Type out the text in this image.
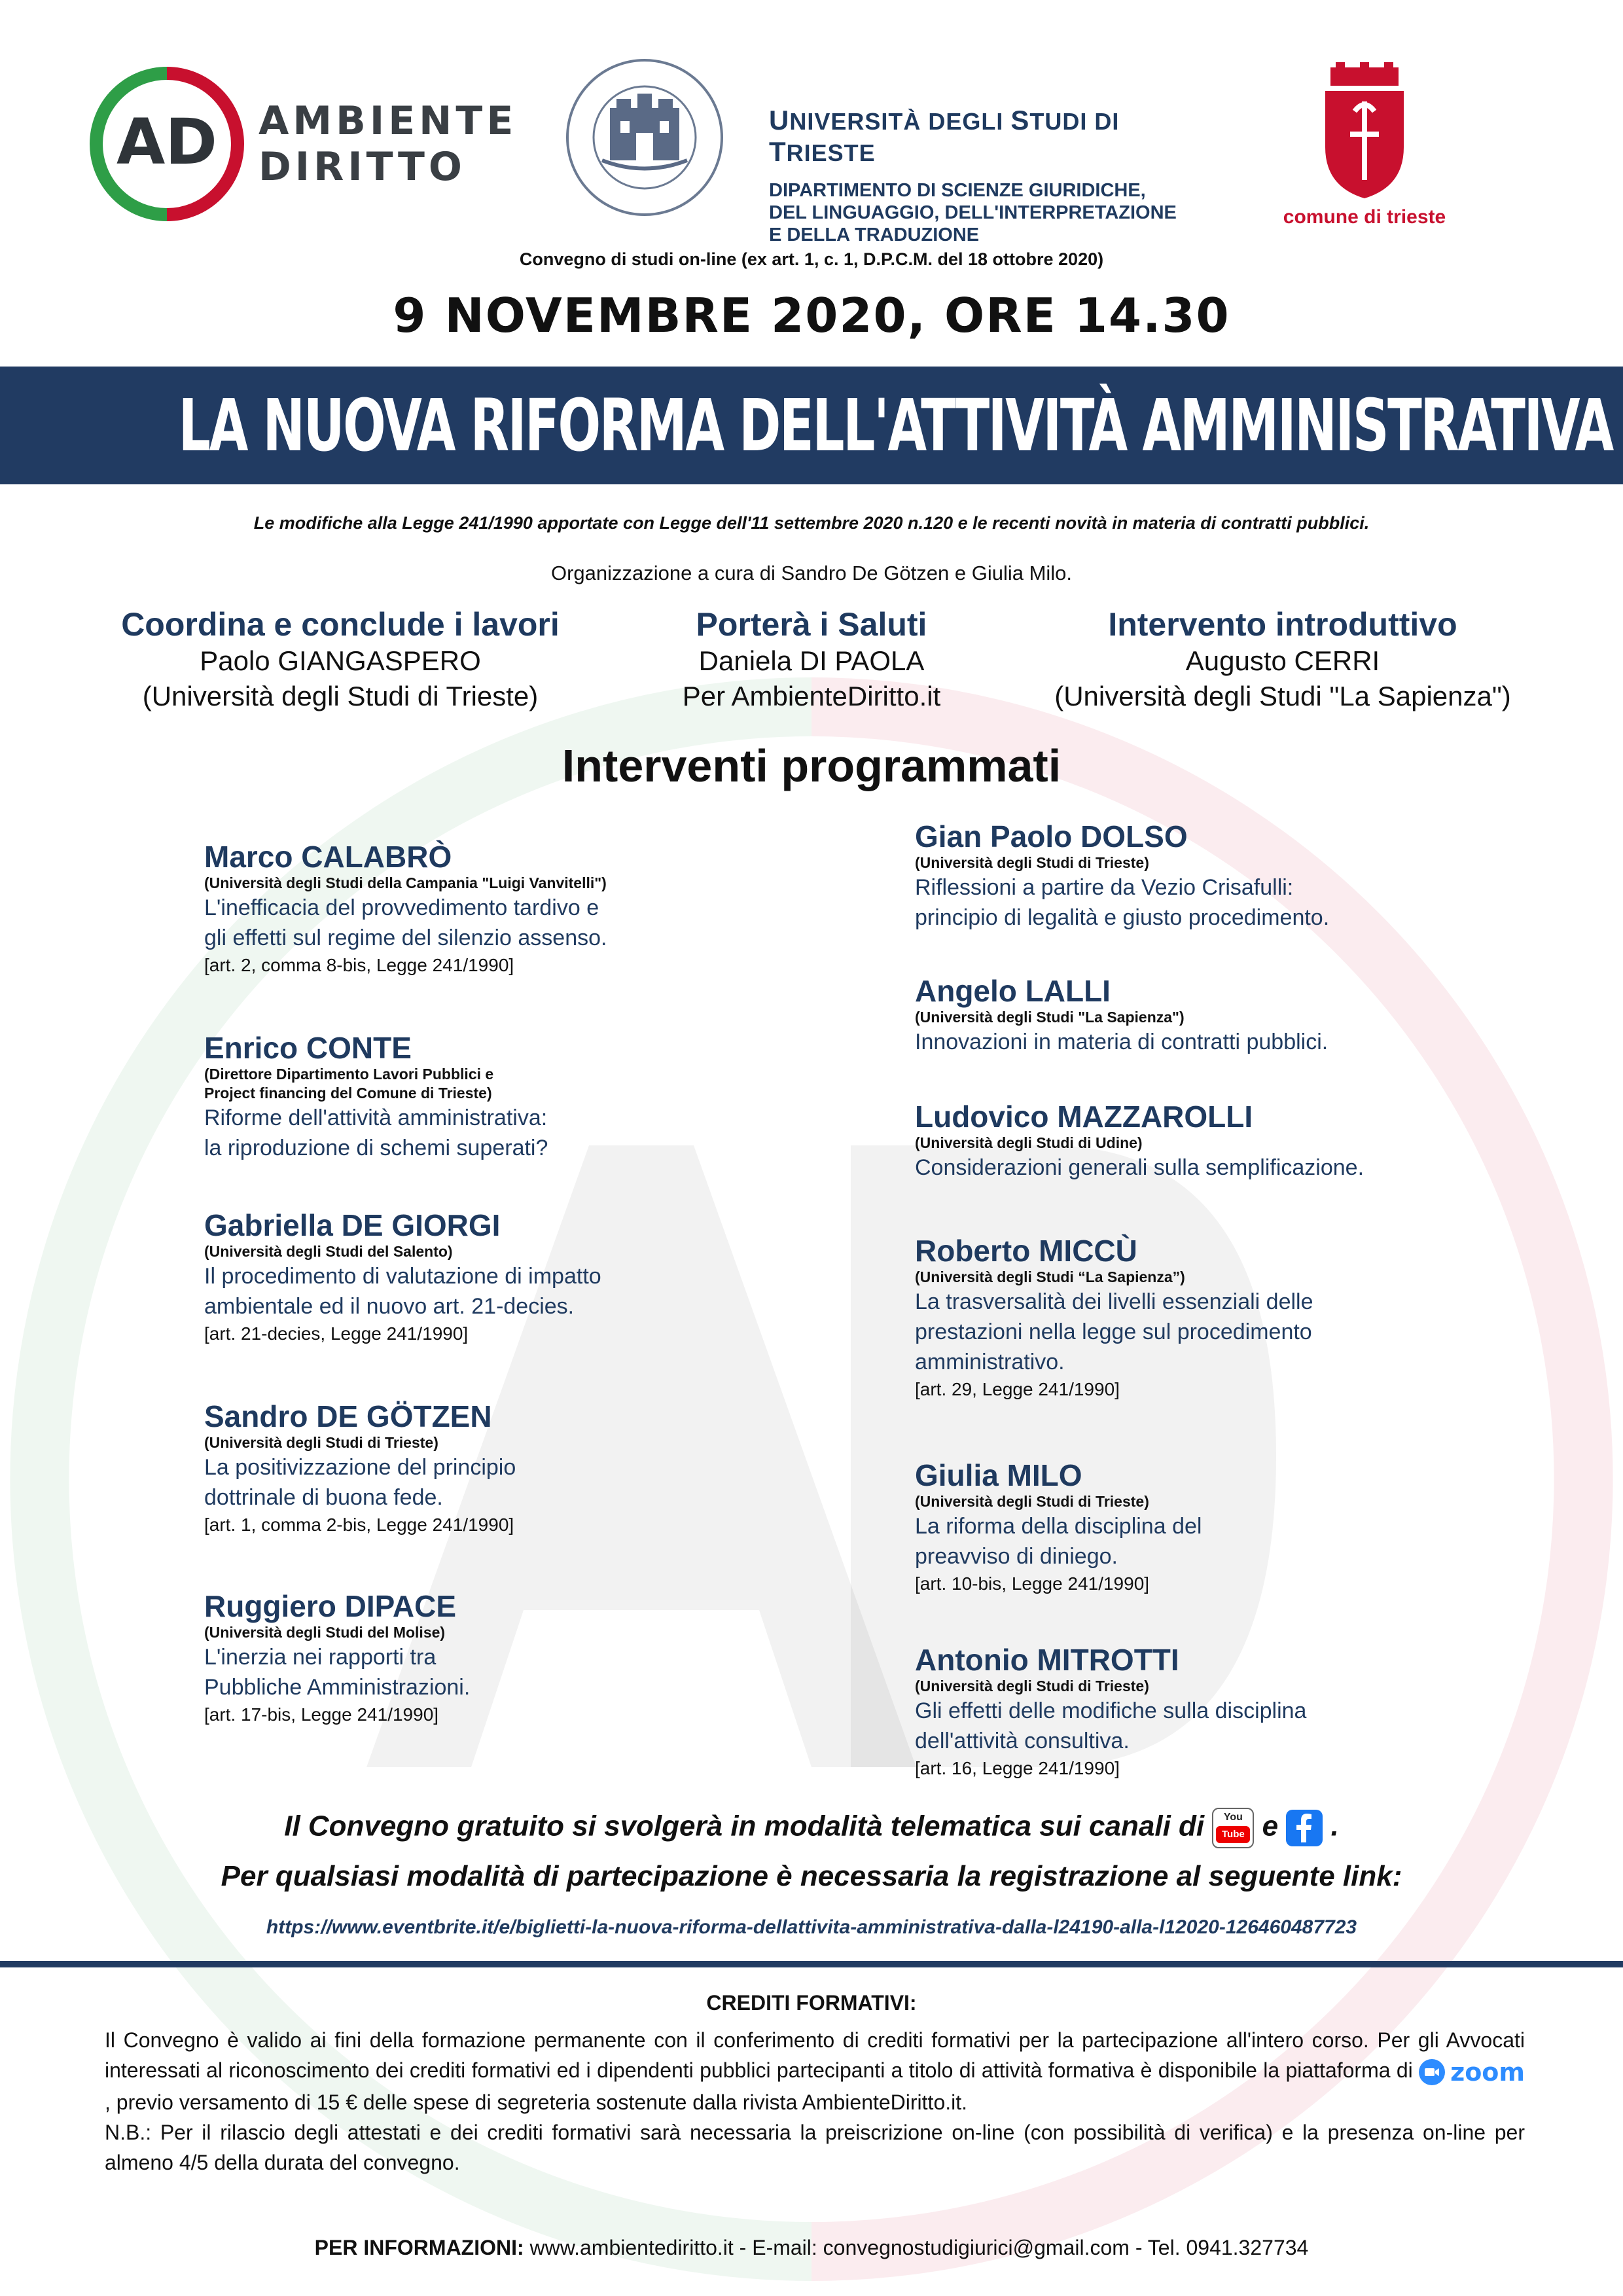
AD AMBIENTE
DIRITTO
UNIVERSITÀ DEGLI STUDI DI TRIESTE
DIPARTIMENTO DI SCIENZE GIURIDICHE,
DEL LINGUAGGIO, DELL'INTERPRETAZIONE
E DELLA TRADUZIONE
comune di trieste
Convegno di studi on-line (ex art. 1, c. 1, D.P.C.M. del 18 ottobre 2020)
9 NOVEMBRE 2020, ORE 14.30
LA NUOVA RIFORMA DELL'ATTIVITÀ AMMINISTRATIVA
Le modifiche alla Legge 241/1990 apportate con Legge dell'11 settembre 2020 n.120 e le recenti novità in materia di contratti pubblici.
Organizzazione a cura di Sandro De Götzen e Giulia Milo.
Coordina e conclude i lavori
Paolo GIANGASPERO
(Università degli Studi di Trieste)
Porterà i Saluti
Daniela DI PAOLA
Per AmbienteDiritto.it
Intervento introduttivo
Augusto CERRI
(Università degli Studi "La Sapienza")
Interventi programmati
Marco CALABRÒ
(Università degli Studi della Campania "Luigi Vanvitelli")
L'inefficacia del provvedimento tardivo e
gli effetti sul regime del silenzio assenso.
[art. 2, comma 8-bis, Legge 241/1990]
Enrico CONTE
(Direttore Dipartimento Lavori Pubblici e
Project financing del Comune di Trieste)
Riforme dell'attività amministrativa:
la riproduzione di schemi superati?
Gabriella DE GIORGI
(Università degli Studi del Salento)
Il procedimento di valutazione di impatto
ambientale ed il nuovo art. 21-decies.
[art. 21-decies, Legge 241/1990]
Sandro DE GÖTZEN
(Università degli Studi di Trieste)
La positivizzazione del principio
dottrinale di buona fede.
[art. 1, comma 2-bis, Legge 241/1990]
Ruggiero DIPACE
(Università degli Studi del Molise)
L'inerzia nei rapporti tra
Pubbliche Amministrazioni.
[art. 17-bis, Legge 241/1990]
Gian Paolo DOLSO
(Università degli Studi di Trieste)
Riflessioni a partire da Vezio Crisafulli:
principio di legalità e giusto procedimento.
Angelo LALLI
(Università degli Studi "La Sapienza")
Innovazioni in materia di contratti pubblici.
Ludovico MAZZAROLLI
(Università degli Studi di Udine)
Considerazioni generali sulla semplificazione.
Roberto MICCÙ
(Università degli Studi “La Sapienza”)
La trasversalità dei livelli essenziali delle
prestazioni nella legge sul procedimento
amministrativo.
[art. 29, Legge 241/1990]
Giulia MILO
(Università degli Studi di Trieste)
La riforma della disciplina del
preavviso di diniego.
[art. 10-bis, Legge 241/1990]
Antonio MITROTTI
(Università degli Studi di Trieste)
Gli effetti delle modifiche sulla disciplina
dell'attività consultiva.
[art. 16, Legge 241/1990]
Il Convegno gratuito si svolgerà in modalità telematica sui canali di	You
Tube e .
Per qualsiasi modalità di partecipazione è necessaria la registrazione al seguente link:
https://www.eventbrite.it/e/biglietti-la-nuova-riforma-dellattivita-amministrativa-dalla-l24190-alla-l12020-126460487723
CREDITI FORMATIVI:
Il Convegno è valido ai fini della formazione permanente con il conferimento di crediti formativi per la partecipazione all'intero corso. Per gli Avvocati interessati al riconoscimento dei crediti formativi ed i dipendenti pubblici partecipanti a titolo di attività formativa è disponibile la piattaforma di zoom
, previo versamento di 15 € delle spese di segreteria sostenute dalla rivista AmbienteDiritto.it.
N.B.: Per il rilascio degli attestati e dei crediti formativi sarà necessaria la preiscrizione on-line (con possibilità di verifica) e la presenza on-line per almeno 4/5 della durata del convegno.
PER INFORMAZIONI: www.ambientediritto.it - E-mail: convegnostudigiurici@gmail.com - Tel. 0941.327734
